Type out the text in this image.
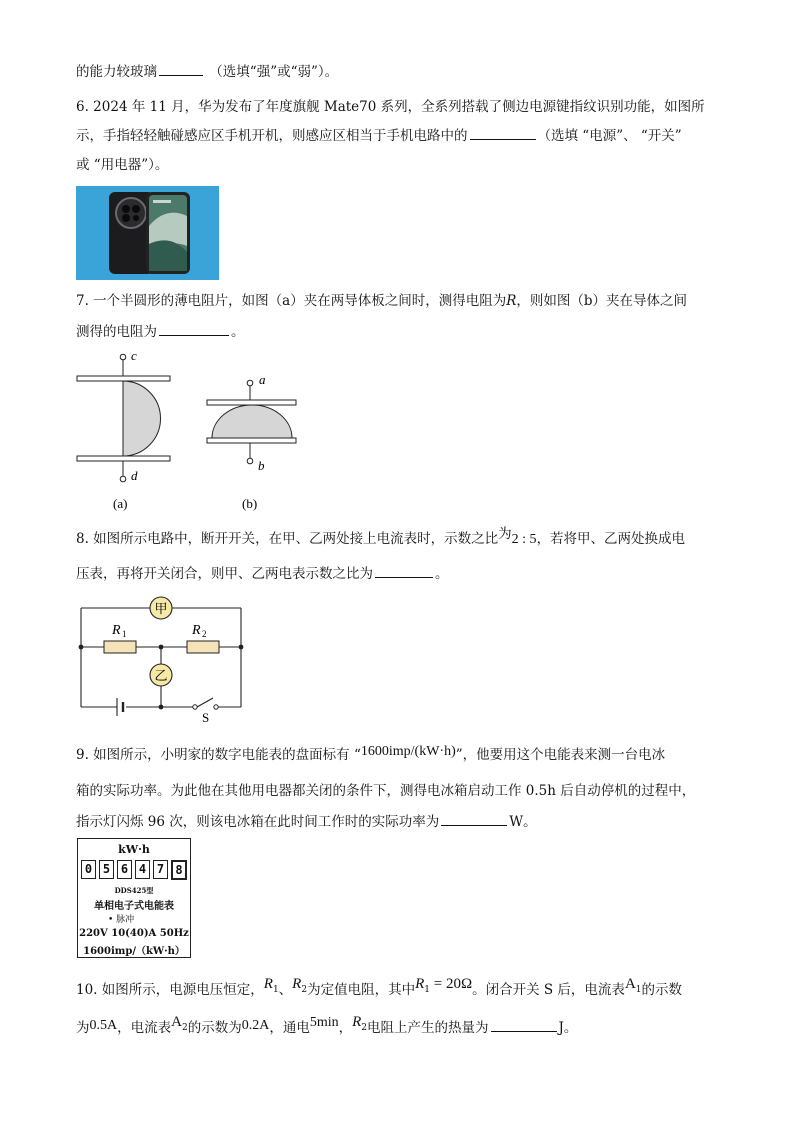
的能力较玻璃	（选填“强”或“弱”）。
6. 2024 年 11 月，华为发布了年度旗舰 Mate70 系列，全系列搭载了侧边电源键指纹识别功能，如图所
示，手指轻轻触碰感应区手机开机，则感应区相当于手机电路中的	（选填 “电源”、 “开关”
或 “用电器”）。
7. 一个半圆形的薄电阻片，如图（a）夹在两导体板之间时，测得电阻为R，则如图（b）夹在导体之间
测得的电阻为	。
c
d
(a)
a
b
(b)
8. 如图所示电路中，断开开关，在甲、乙两处接上电流表时，示数之比为2 : 5，若将甲、乙两处换成电
压表，再将开关闭合，则甲、乙两电表示数之比为	。
R 1	R 2
甲
乙
S
9. 如图所示，小明家的数字电能表的盘面标有 “1600imp/(kW·h)”，他要用这个电能表来测一台电冰
箱的实际功率。为此他在其他用电器都关闭的条件下，测得电冰箱启动工作 0.5h 后自动停机的过程中，
指示灯闪烁 96 次，则该电冰箱在此时间工作时的实际功率为	W。
kW·h
0 5 6 4 7 8
DDS425型
单相电子式电能表
• 脉冲
220V 10(40)A 50Hz
1600imp/（kW·h）
10. 如图所示，电源电压恒定，$R_1$、$R_2$为定值电阻，其中$R_1 = 20\Omega$。闭合开关 S 后，电流表$A_1$的示数
为0.5A，电流表$A_2$的示数为0.2A，通电5min，$R_2$电阻上产生的热量为	J。
